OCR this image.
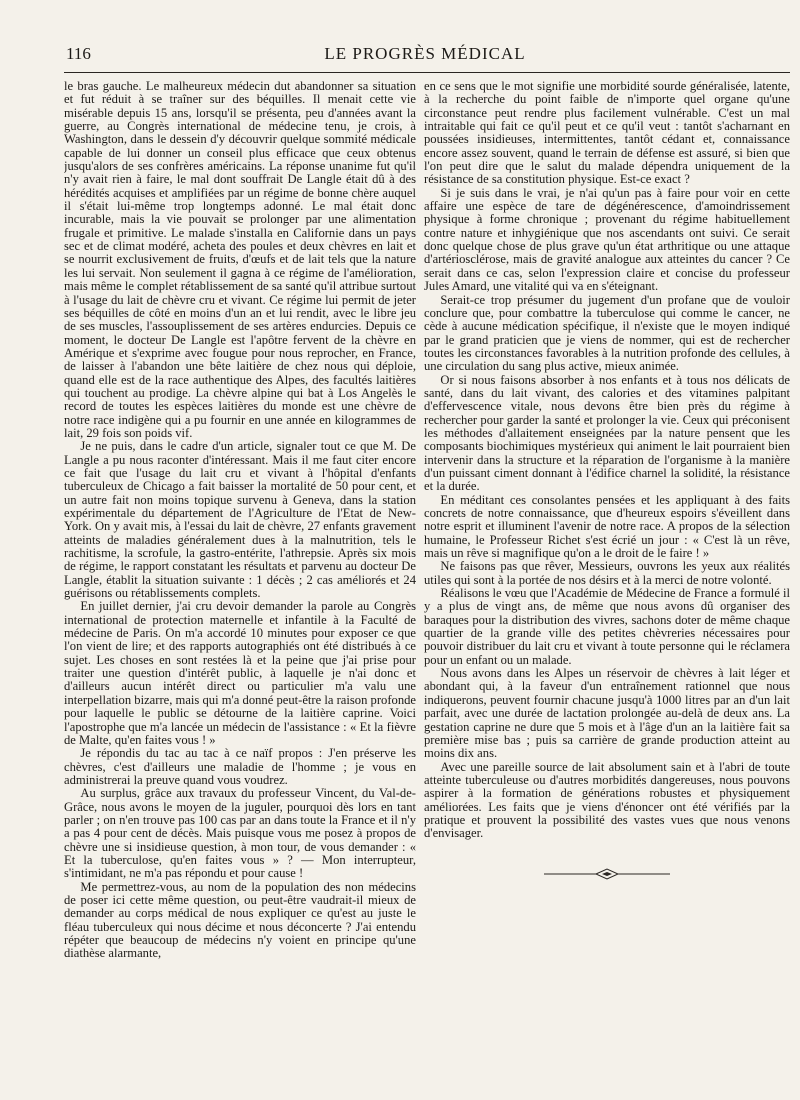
116	LE PROGRÈS MÉDICAL

le bras gauche. Le malheureux médecin dut abandonner sa situation et fut réduit à se traîner sur des béquilles. Il menait cette vie misérable depuis 15 ans, lorsqu'il se présenta, peu d'années avant la guerre, au Congrès international de médecine tenu, je crois, à Washington, dans le dessein d'y découvrir quelque sommité médicale capable de lui donner un conseil plus efficace que ceux obtenus jusqu'alors de ses confrères américains. La réponse unanime fut qu'il n'y avait rien à faire, le mal dont souffrait De Langle était dû à des hérédités acquises et amplifiées par un régime de bonne chère auquel il s'était lui-même trop longtemps adonné. Le mal était donc incurable, mais la vie pouvait se prolonger par une alimentation frugale et primitive. Le malade s'installa en Californie dans un pays sec et de climat modéré, acheta des poules et deux chèvres en lait et se nourrit exclusivement de fruits, d'œufs et de lait tels que la nature les lui servait. Non seulement il gagna à ce régime de l'amélioration, mais même le complet rétablissement de sa santé qu'il attribue surtout à l'usage du lait de chèvre cru et vivant. Ce régime lui permit de jeter ses béquilles de côté en moins d'un an et lui rendit, avec le libre jeu de ses muscles, l'assouplissement de ses artères endurcies. Depuis ce moment, le docteur De Langle est l'apôtre fervent de la chèvre en Amérique et s'exprime avec fougue pour nous reprocher, en France, de laisser à l'abandon une bête laitière de chez nous qui déploie, quand elle est de la race authentique des Alpes, des facultés laitières qui touchent au prodige. La chèvre alpine qui bat à Los Angelès le record de toutes les espèces laitières du monde est une chèvre de notre race indigène qui a pu fournir en une année en kilogrammes de lait, 29 fois son poids vif.

Je ne puis, dans le cadre d'un article, signaler tout ce que M. De Langle a pu nous raconter d'intéressant. Mais il me faut citer encore ce fait que l'usage du lait cru et vivant à l'hôpital d'enfants tuberculeux de Chicago a fait baisser la mortalité de 50 pour cent, et un autre fait non moins topique survenu à Geneva, dans la station expérimentale du département de l'Agriculture de l'Etat de New-York. On y avait mis, à l'essai du lait de chèvre, 27 enfants gravement atteints de maladies généralement dues à la malnutrition, tels le rachitisme, la scrofule, la gastro-entérite, l'athrepsie. Après six mois de régime, le rapport constatant les résultats et parvenu au docteur De Langle, établit la situation suivante : 1 décès ; 2 cas améliorés et 24 guérisons ou rétablissements complets.

En juillet dernier, j'ai cru devoir demander la parole au Congrès international de protection maternelle et infantile à la Faculté de médecine de Paris. On m'a accordé 10 minutes pour exposer ce que l'on vient de lire; et des rapports autographiés ont été distribués à ce sujet. Les choses en sont restées là et la peine que j'ai prise pour traiter une question d'intérêt public, à laquelle je n'ai donc et d'ailleurs aucun intérêt direct ou particulier m'a valu une interpellation bizarre, mais qui m'a donné peut-être la raison profonde pour laquelle le public se détourne de la laitière caprine. Voici l'apostrophe que m'a lancée un médecin de l'assistance : « Et la fièvre de Malte, qu'en faites vous ! »

Je répondis du tac au tac à ce naïf propos : J'en préserve les chèvres, c'est d'ailleurs une maladie de l'homme ; je vous en administrerai la preuve quand vous voudrez.

Au surplus, grâce aux travaux du professeur Vincent, du Val-de-Grâce, nous avons le moyen de la juguler, pourquoi dès lors en tant parler ; on n'en trouve pas 100 cas par an dans toute la France et il n'y a pas 4 pour cent de décès. Mais puisque vous me posez à propos de chèvre une si insidieuse question, à mon tour, de vous demander : « Et la tuberculose, qu'en faites vous » ? — Mon interrupteur, s'intimidant, ne m'a pas répondu et pour cause !

Me permettrez-vous, au nom de la population des non médecins de poser ici cette même question, ou peut-être vaudrait-il mieux de demander au corps médical de nous expliquer ce qu'est au juste le fléau tuberculeux qui nous décime et nous déconcerte ? J'ai entendu répéter que beaucoup de médecins n'y voient en principe qu'une diathèse alarmante,

en ce sens que le mot signifie une morbidité sourde généralisée, latente, à la recherche du point faible de n'importe quel organe qu'une circonstance peut rendre plus facilement vulnérable. C'est un mal intraitable qui fait ce qu'il peut et ce qu'il veut : tantôt s'acharnant en poussées insidieuses, intermittentes, tantôt cédant et, connaissance encore assez souvent, quand le terrain de défense est assuré, si bien que l'on peut dire que le salut du malade dépendra uniquement de la résistance de sa constitution physique. Est-ce exact ?

Si je suis dans le vrai, je n'ai qu'un pas à faire pour voir en cette affaire une espèce de tare de dégénérescence, d'amoindrissement physique à forme chronique ; provenant du régime habituellement contre nature et inhygiénique que nos ascendants ont suivi. Ce serait donc quelque chose de plus grave qu'un état arthritique ou une attaque d'artériosclérose, mais de gravité analogue aux atteintes du cancer ? Ce serait dans ce cas, selon l'expression claire et concise du professeur Jules Amard, une vitalité qui va en s'éteignant.

Serait-ce trop présumer du jugement d'un profane que de vouloir conclure que, pour combattre la tuberculose qui comme le cancer, ne cède à aucune médication spécifique, il n'existe que le moyen indiqué par le grand praticien que je viens de nommer, qui est de rechercher toutes les circonstances favorables à la nutrition profonde des cellules, à une circulation du sang plus active, mieux animée.

Or si nous faisons absorber à nos enfants et à tous nos délicats de santé, dans du lait vivant, des calories et des vitamines palpitant d'effervescence vitale, nous devons être bien près du régime à rechercher pour garder la santé et prolonger la vie. Ceux qui préconisent les méthodes d'allaitement enseignées par la nature pensent que les composants biochimiques mystérieux qui animent le lait pourraient bien intervenir dans la structure et la réparation de l'organisme à la manière d'un puissant ciment donnant à l'édifice charnel la solidité, la résistance et la durée.

En méditant ces consolantes pensées et les appliquant à des faits concrets de notre connaissance, que d'heureux espoirs s'éveillent dans notre esprit et illuminent l'avenir de notre race. A propos de la sélection humaine, le Professeur Richet s'est écrié un jour : « C'est là un rêve, mais un rêve si magnifique qu'on a le droit de le faire ! »

Ne faisons pas que rêver, Messieurs, ouvrons les yeux aux réalités utiles qui sont à la portée de nos désirs et à la merci de notre volonté.

Réalisons le vœu que l'Académie de Médecine de France a formulé il y a plus de vingt ans, de même que nous avons dû organiser des baraques pour la distribution des vivres, sachons doter de même chaque quartier de la grande ville des petites chèvreries nécessaires pour pouvoir distribuer du lait cru et vivant à toute personne qui le réclamera pour un enfant ou un malade.

Nous avons dans les Alpes un réservoir de chèvres à lait léger et abondant qui, à la faveur d'un entraînement rationnel que nous indiquerons, peuvent fournir chacune jusqu'à 1000 litres par an d'un lait parfait, avec une durée de lactation prolongée au-delà de deux ans. La gestation caprine ne dure que 5 mois et à l'âge d'un an la laitière fait sa première mise bas ; puis sa carrière de grande production atteint au moins dix ans.

Avec une pareille source de lait absolument sain et à l'abri de toute atteinte tuberculeuse ou d'autres morbidités dangereuses, nous pouvons aspirer à la formation de générations robustes et physiquement améliorées. Les faits que je viens d'énoncer ont été vérifiés par la pratique et prouvent la possibilité des vastes vues que nous venons d'envisager.
